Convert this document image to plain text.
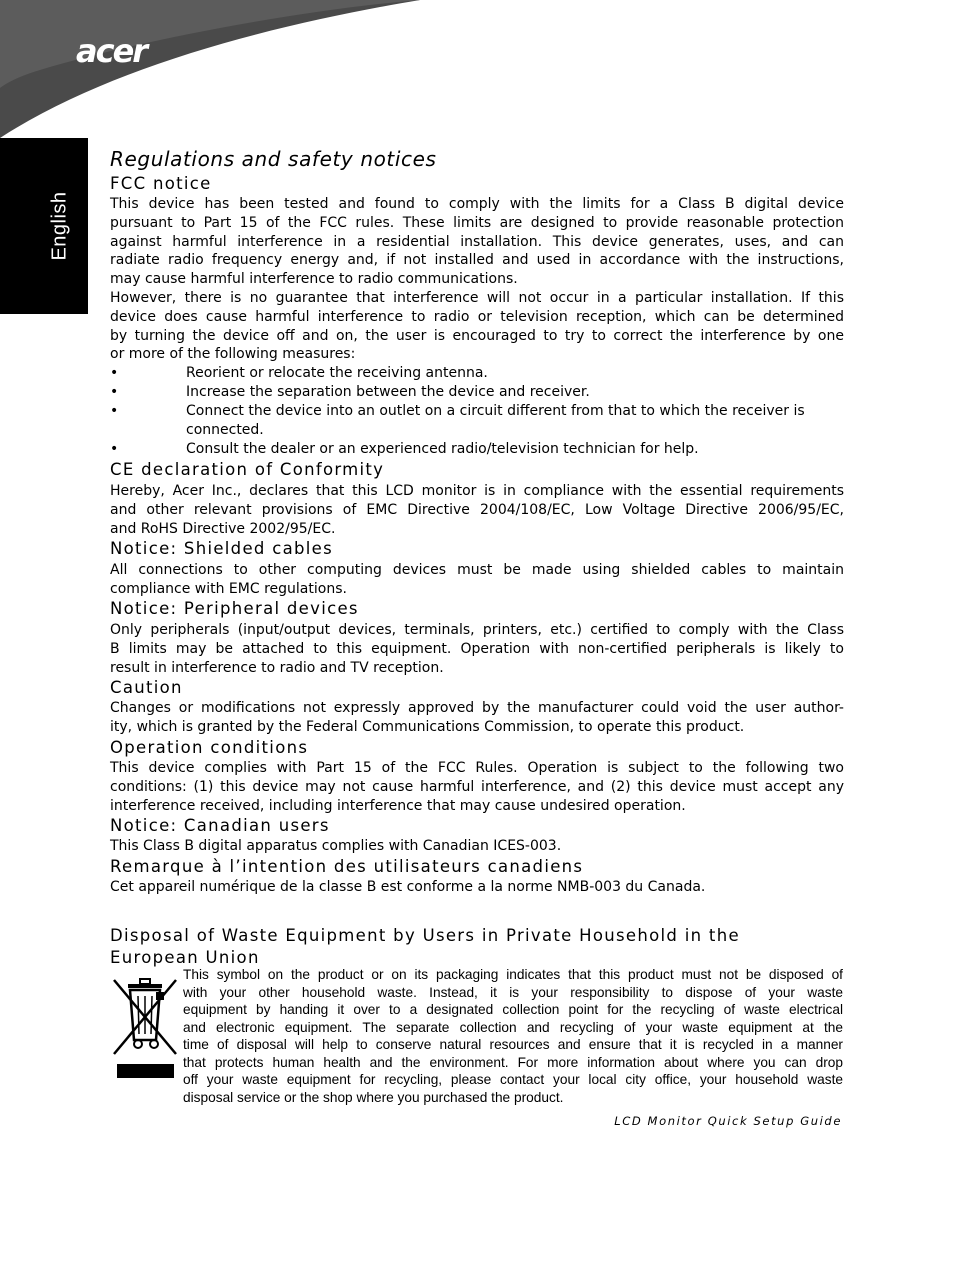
acer
English
Regulations and safety notices
FCC notice
This device has been tested and found to comply with the limits for a Class B digital device
pursuant to Part 15 of the FCC rules. These limits are designed to provide reasonable protection
against harmful interference in a residential installation. This device generates, uses, and can
radiate radio frequency energy and, if not installed and used in accordance with the instructions,
may cause harmful interference to radio communications.
However, there is no guarantee that interference will not occur in a particular installation. If this
device does cause harmful interference to radio or television reception, which can be determined
by turning the device off and on, the user is encouraged to try to correct the interference by one
or more of the following measures:
•	Reorient or relocate the receiving antenna.
•	Increase the separation between the device and receiver.
•	Connect the device into an outlet on a circuit different from that to which the receiver is connected.
•	Consult the dealer or an experienced radio/television technician for help.
CE declaration of Conformity
Hereby, Acer Inc., declares that this LCD monitor is in compliance with the essential requirements
and other relevant provisions of EMC Directive 2004/108/EC, Low Voltage Directive 2006/95/EC,
and RoHS Directive 2002/95/EC.
Notice: Shielded cables
All connections to other computing devices must be made using shielded cables to maintain
compliance with EMC regulations.
Notice: Peripheral devices
Only peripherals (input/output devices, terminals, printers, etc.) certified to comply with the Class
B limits may be attached to this equipment. Operation with non-certified peripherals is likely to
result in interference to radio and TV reception.
Caution
Changes or modifications not expressly approved by the manufacturer could void the user author-
ity, which is granted by the Federal Communications Commission, to operate this product.
Operation conditions
This device complies with Part 15 of the FCC Rules. Operation is subject to the following two
conditions: (1) this device may not cause harmful interference, and (2) this device must accept any
interference received, including interference that may cause undesired operation.
Notice: Canadian users
This Class B digital apparatus complies with Canadian ICES-003.
Remarque à l’intention des utilisateurs canadiens
Cet appareil numérique de la classe B est conforme a la norme NMB-003 du Canada.
Disposal of Waste Equipment by Users in Private Household in the
European Union
This symbol on the product or on its packaging indicates that this product must not be disposed of
with your other household waste. Instead, it is your responsibility to dispose of your waste
equipment by handing it over to a designated collection point for the recycling of waste electrical
and electronic equipment. The separate collection and recycling of your waste equipment at the
time of disposal will help to conserve natural resources and ensure that it is recycled in a manner
that protects human health and the environment. For more information about where you can drop
off your waste equipment for recycling, please contact your local city office, your household waste
disposal service or the shop where you purchased the product.
LCD Monitor Quick Setup Guide
